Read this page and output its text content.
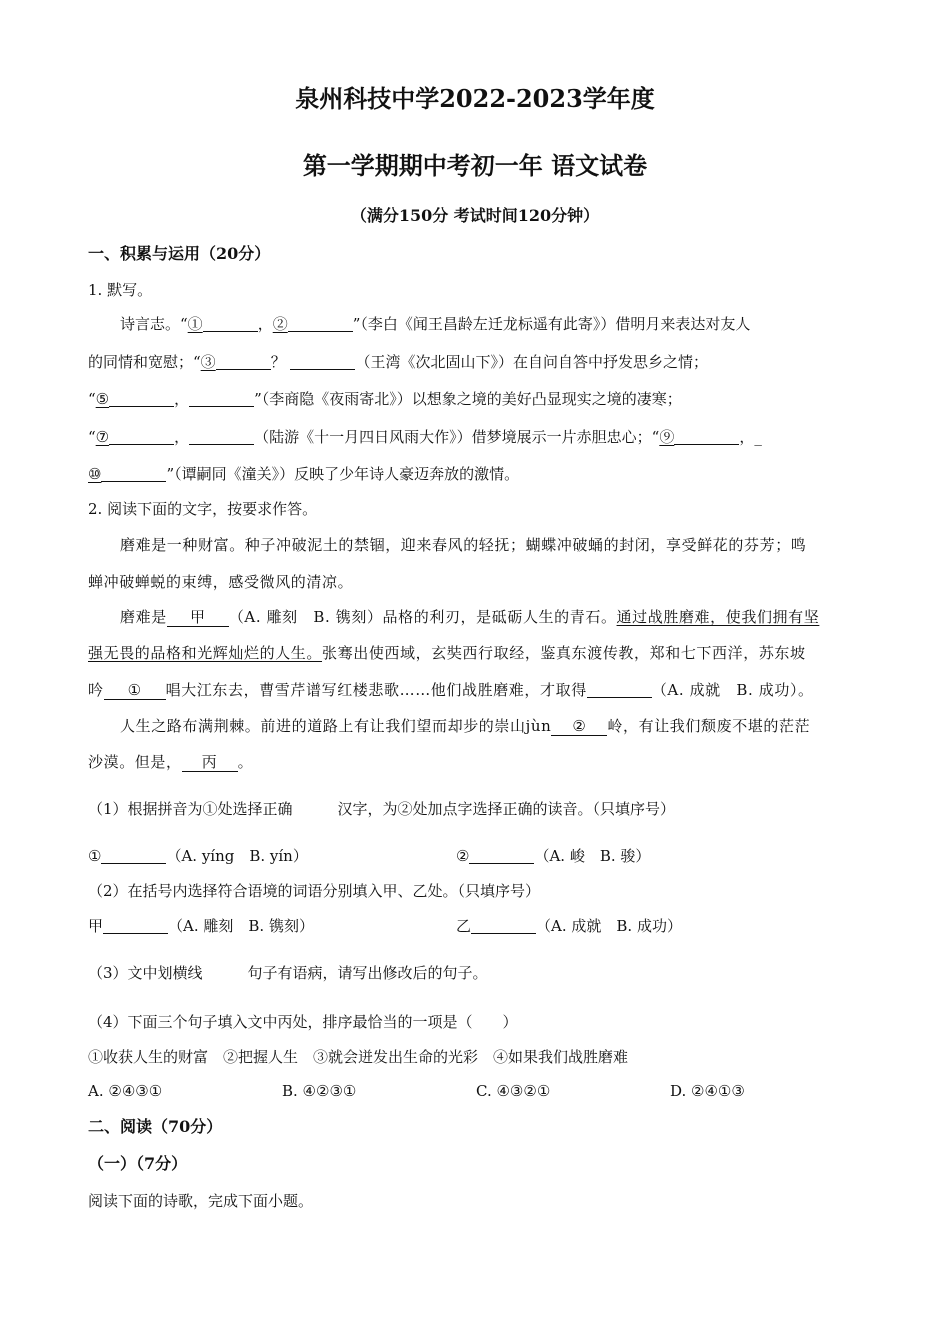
泉州科技中学2022-2023学年度
第一学期期中考初一年 语文试卷
（满分150分 考试时间120分钟）
一、积累与运用（20分）
1. 默写。
诗言志。“①	，②	”（李白《闻王昌龄左迁龙标遥有此寄》）借明月来表达对友人
的同情和宽慰；“③	？	（王湾《次北固山下》）在自问自答中抒发思乡之情；
“⑤	，	”（李商隐《夜雨寄北》）以想象之境的美好凸显现实之境的凄寒；
“⑦	，	（陆游《十一月四日风雨大作》）借梦境展示一片赤胆忠心；“⑨	，_
⑩	”（谭嗣同《潼关》）反映了少年诗人豪迈奔放的激情。
2. 阅读下面的文字，按要求作答。
磨难是一种财富。种子冲破泥土的禁锢，迎来春风的轻抚；蝴蝶冲破蛹的封闭，享受鲜花的芬芳；鸣
蝉冲破蝉蜕的束缚，感受微风的清凉。
磨难是 甲 （A. 雕刻　B. 镌刻）品格的利刃，是砥砺人生的青石。通过战胜磨难，使我们拥有坚
强无畏的品格和光辉灿烂的人生。张骞出使西域，玄奘西行取经，鉴真东渡传教，郑和七下西洋，苏东坡
吟 ① 唱大江东去，曹雪芹谱写红楼悲歌……他们战胜磨难，才取得	（A. 成就　B. 成功）。
人生之路布满荆棘。前进的道路上有让我们望而却步的崇山jùn ② 岭，有让我们颓废不堪的茫茫
沙漠。但是， 丙 。
（1）根据拼音为①处选择正确　　　汉字，为②处加点字选择正确的读音。（只填序号）
①	（A. yíng　B. yín）	②	（A. 峻　B. 骏）
（2）在括号内选择符合语境的词语分别填入甲、乙处。（只填序号）
甲	（A. 雕刻　B. 镌刻）	乙	（A. 成就　B. 成功）
（3）文中划横线　　　句子有语病，请写出修改后的句子。
（4）下面三个句子填入文中丙处，排序最恰当的一项是（　　）
①收获人生的财富　②把握人生　③就会迸发出生命的光彩　④如果我们战胜磨难
A. ②④③①	B. ④②③①	C. ④③②①	D. ②④①③
二、阅读（70分）
（一）（7分）
阅读下面的诗歌，完成下面小题。
